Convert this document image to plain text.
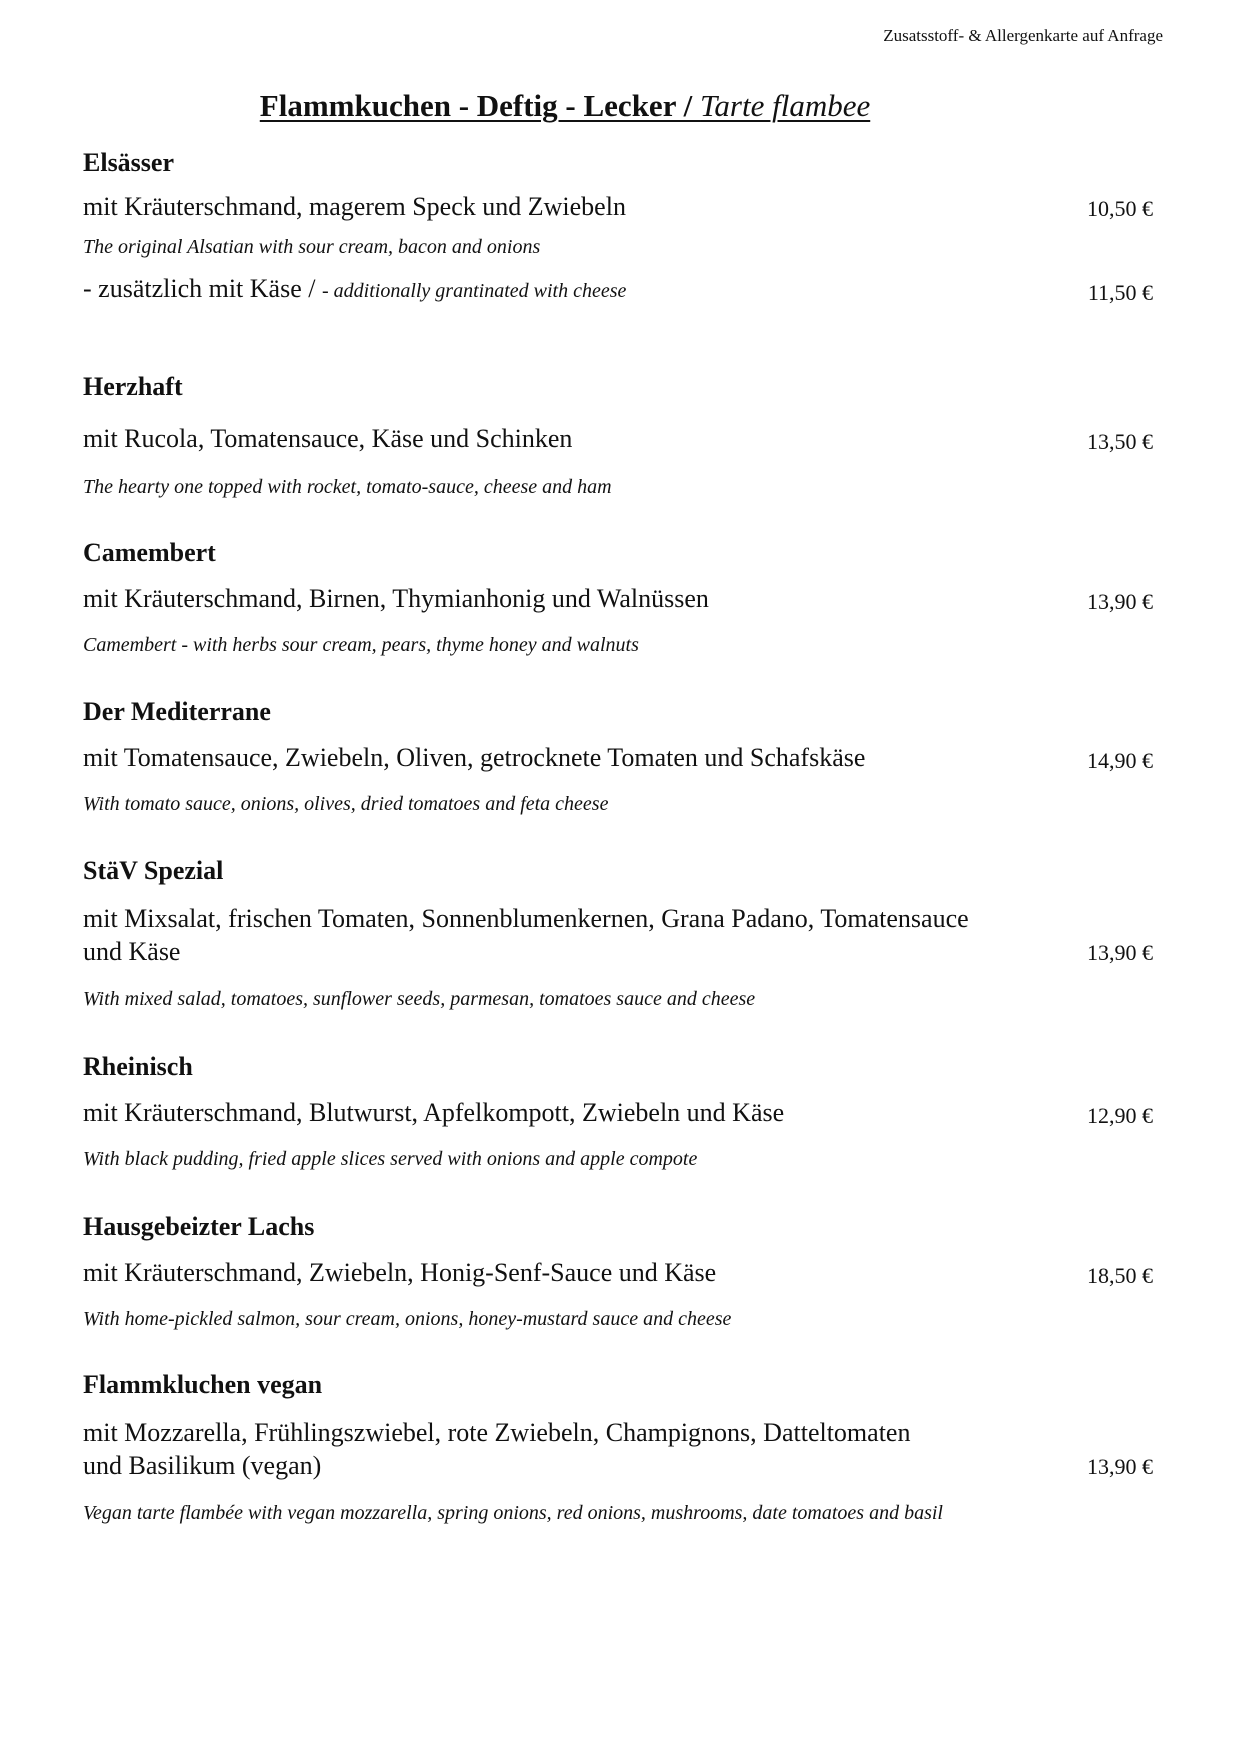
Zusatsstoff- & Allergenkarte auf Anfrage
Flammkuchen - Deftig - Lecker / Tarte flambee
Elsässer
mit Kräuterschmand, magerem Speck und Zwiebeln	10,50 €
The original Alsatian with sour cream, bacon and onions
- zusätzlich mit Käse / - additionally grantinated with cheese	11,50 €
Herzhaft
mit Rucola, Tomatensauce, Käse und Schinken	13,50 €
The hearty one topped with rocket, tomato-sauce, cheese and ham
Camembert
mit Kräuterschmand, Birnen, Thymianhonig und Walnüssen	13,90 €
Camembert - with herbs sour cream, pears, thyme honey and walnuts
Der Mediterrane
mit Tomatensauce, Zwiebeln, Oliven, getrocknete Tomaten und Schafskäse	14,90 €
With tomato sauce, onions, olives, dried tomatoes and feta cheese
StäV Spezial
mit Mixsalat, frischen Tomaten, Sonnenblumenkernen, Grana Padano, Tomatensauce und Käse	13,90 €
With mixed salad, tomatoes, sunflower seeds, parmesan, tomatoes sauce and cheese
Rheinisch
mit Kräuterschmand, Blutwurst, Apfelkompott, Zwiebeln und Käse	12,90 €
With black pudding, fried apple slices served with onions and apple compote
Hausgebeizter Lachs
mit Kräuterschmand, Zwiebeln, Honig-Senf-Sauce und Käse	18,50 €
With home-pickled salmon, sour cream, onions, honey-mustard sauce and cheese
Flammkluchen vegan
mit Mozzarella, Frühlingszwiebel, rote Zwiebeln, Champignons, Datteltomaten und Basilikum (vegan)	13,90 €
Vegan tarte flambée with vegan mozzarella, spring onions, red onions, mushrooms, date tomatoes and basil
